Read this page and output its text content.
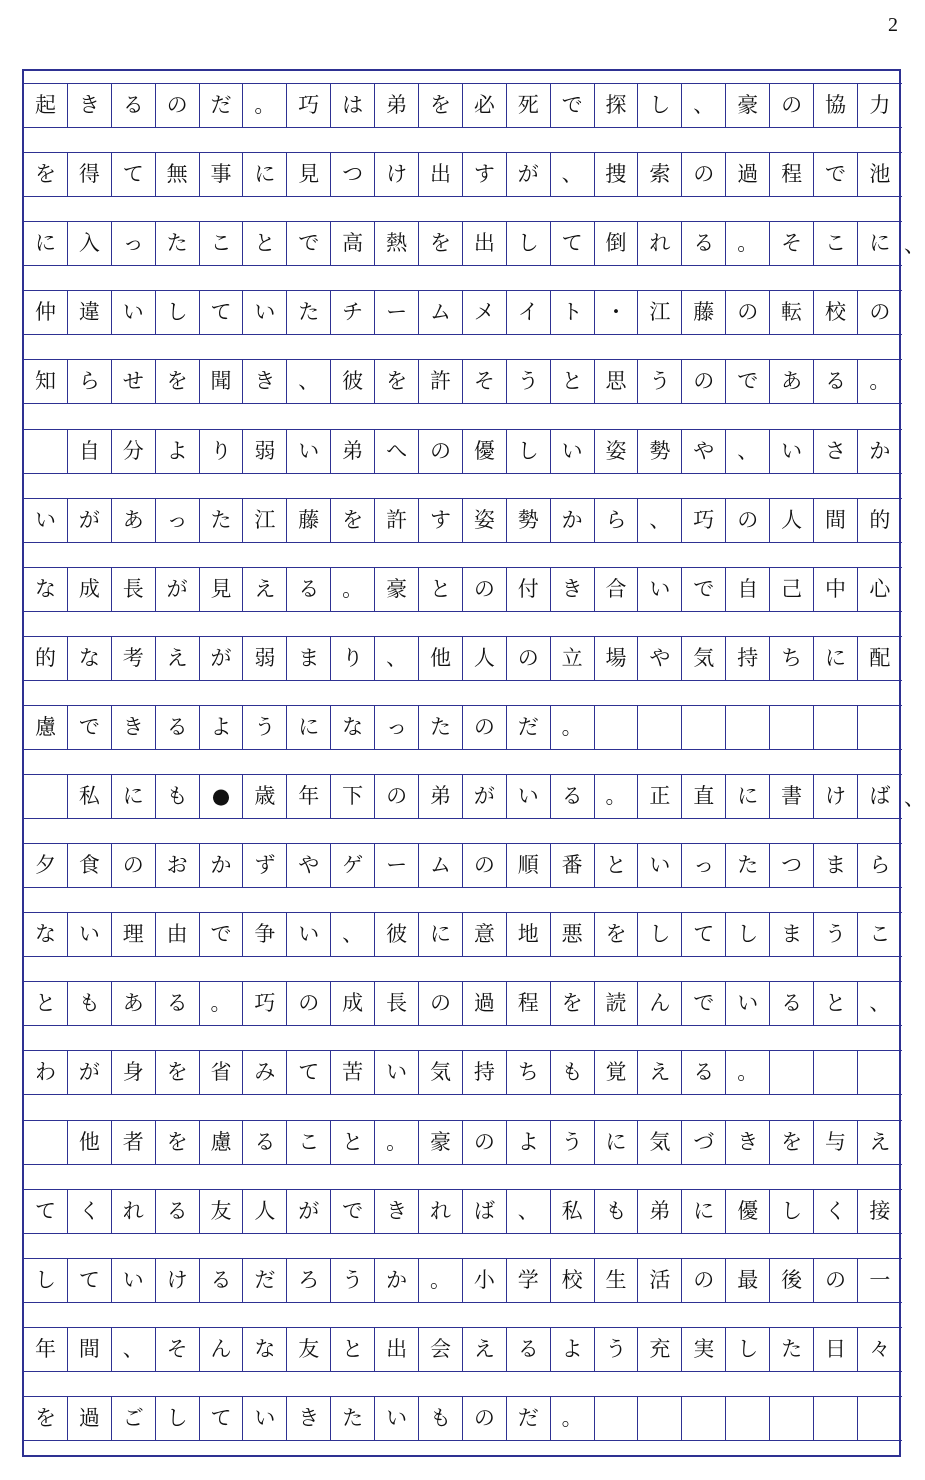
2
起	き	る	の	だ	。	巧	は	弟	を	必	死	で	探	し	、	豪	の	協	力
を	得	て	無	事	に	見	つ	け	出	す	が	、	捜	索	の	過	程	で	池
に	入	っ	た	こ	と	で	高	熱	を	出	し	て	倒	れ	る	。	そ	こ	に
仲	違	い	し	て	い	た	チ	ー	ム	メ	イ	ト	・	江	藤	の	転	校	の
知	ら	せ	を	聞	き	、	彼	を	許	そ	う	と	思	う	の	で	あ	る	。
自	分	よ	り	弱	い	弟	へ	の	優	し	い	姿	勢	や	、	い	さ	か
い	が	あ	っ	た	江	藤	を	許	す	姿	勢	か	ら	、	巧	の	人	間	的
な	成	長	が	見	え	る	。	豪	と	の	付	き	合	い	で	自	己	中	心
的	な	考	え	が	弱	ま	り	、	他	人	の	立	場	や	気	持	ち	に	配
慮	で	き	る	よ	う	に	な	っ	た	の	だ	。
私	に	も	●	歳	年	下	の	弟	が	い	る	。	正	直	に	書	け	ば
夕	食	の	お	か	ず	や	ゲ	ー	ム	の	順	番	と	い	っ	た	つ	ま	ら
な	い	理	由	で	争	い	、	彼	に	意	地	悪	を	し	て	し	ま	う	こ
と	も	あ	る	。	巧	の	成	長	の	過	程	を	読	ん	で	い	る	と	、
わ	が	身	を	省	み	て	苦	い	気	持	ち	も	覚	え	る	。
他	者	を	慮	る	こ	と	。	豪	の	よ	う	に	気	づ	き	を	与	え
て	く	れ	る	友	人	が	で	き	れ	ば	、	私	も	弟	に	優	し	く	接
し	て	い	け	る	だ	ろ	う	か	。	小	学	校	生	活	の	最	後	の	一
年	間	、	そ	ん	な	友	と	出	会	え	る	よ	う	充	実	し	た	日	々
を	過	ご	し	て	い	き	た	い	も	の	だ	。
、
、
